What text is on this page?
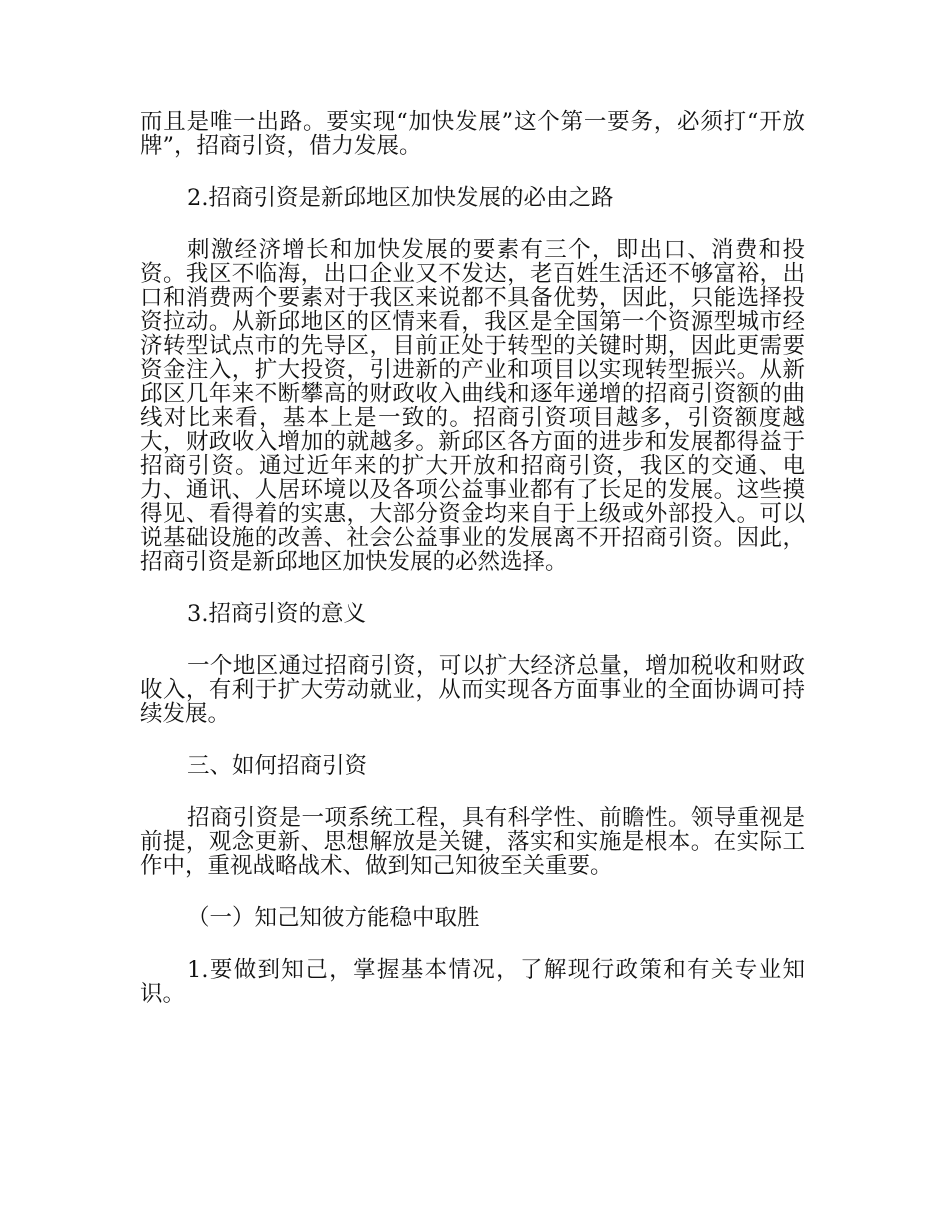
而且是唯一出路。要实现“加快发展”这个第一要务，必须打“开放牌”，招商引资，借力发展。

2.招商引资是新邱地区加快发展的必由之路

刺激经济增长和加快发展的要素有三个，即出口、消费和投资。我区不临海，出口企业又不发达，老百姓生活还不够富裕，出口和消费两个要素对于我区来说都不具备优势，因此，只能选择投资拉动。从新邱地区的区情来看，我区是全国第一个资源型城市经济转型试点市的先导区，目前正处于转型的关键时期，因此更需要资金注入，扩大投资，引进新的产业和项目以实现转型振兴。从新邱区几年来不断攀高的财政收入曲线和逐年递增的招商引资额的曲线对比来看，基本上是一致的。招商引资项目越多，引资额度越大，财政收入增加的就越多。新邱区各方面的进步和发展都得益于招商引资。通过近年来的扩大开放和招商引资，我区的交通、电力、通讯、人居环境以及各项公益事业都有了长足的发展。这些摸得见、看得着的实惠，大部分资金均来自于上级或外部投入。可以说基础设施的改善、社会公益事业的发展离不开招商引资。因此，招商引资是新邱地区加快发展的必然选择。

3.招商引资的意义

一个地区通过招商引资，可以扩大经济总量，增加税收和财政收入，有利于扩大劳动就业，从而实现各方面事业的全面协调可持续发展。

三、如何招商引资

招商引资是一项系统工程，具有科学性、前瞻性。领导重视是前提，观念更新、思想解放是关键，落实和实施是根本。在实际工作中，重视战略战术、做到知己知彼至关重要。

（一）知己知彼方能稳中取胜

1.要做到知己，掌握基本情况，了解现行政策和有关专业知识。
